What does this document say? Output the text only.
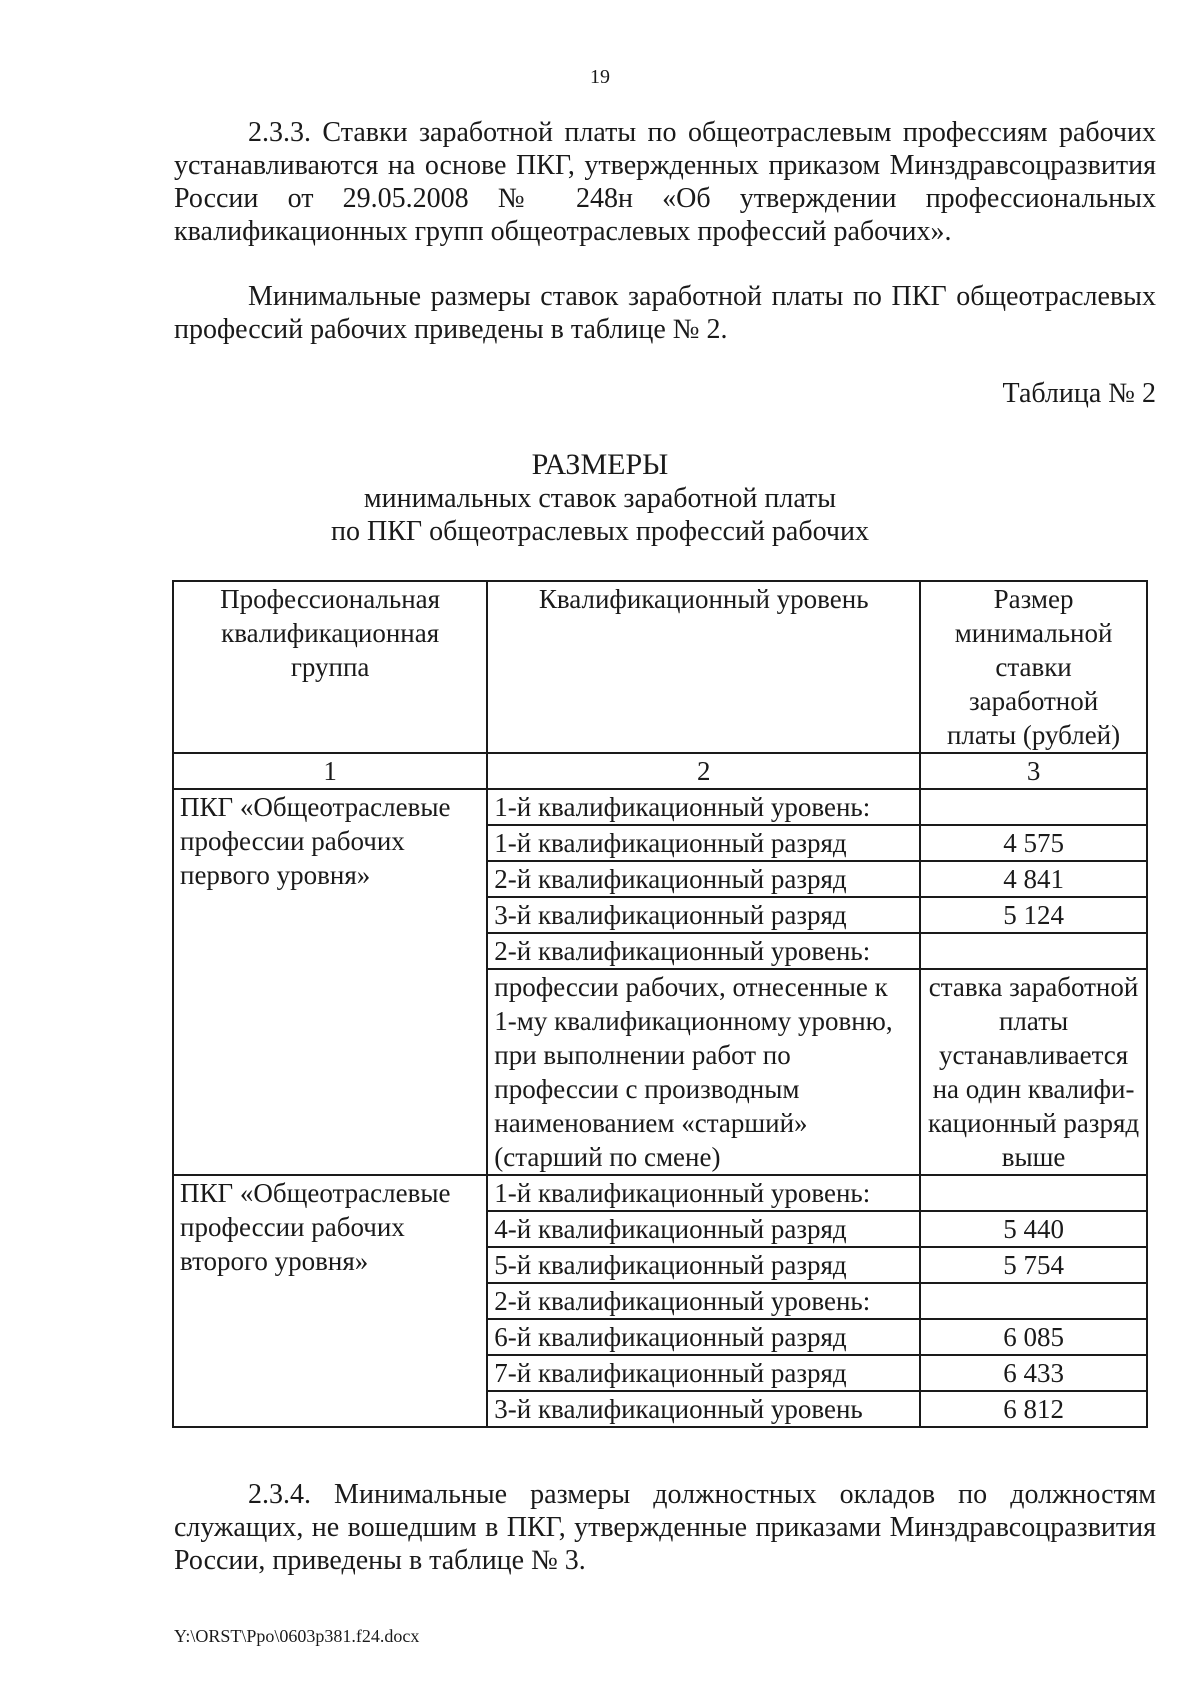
19

2.3.3. Ставки заработной платы по общеотраслевым профессиям рабочих устанавливаются на основе ПКГ, утвержденных приказом Минздравсоцразвития России от 29.05.2008 № 248н «Об утверждении профессиональных квалификационных групп общеотраслевых профессий рабочих».

Минимальные размеры ставок заработной платы по ПКГ общеотраслевых профессий рабочих приведены в таблице № 2.

Таблица № 2
РАЗМЕРЫ
минимальных ставок заработной платы
по ПКГ общеотраслевых профессий рабочих
Профессиональная квалификационная группа	Квалификационный уровень	Размер минимальной ставки заработной платы (рублей)
1	2	3
ПКГ «Общеотраслевые профессии рабочих первого уровня»	1-й квалификационный уровень:	
	1-й квалификационный разряд	4 575
	2-й квалификационный разряд	4 841
	3-й квалификационный разряд	5 124
	2-й квалификационный уровень:	
	профессии рабочих, отнесенные к 1-му квалификационному уровню, при выполнении работ по профессии с производным наименованием «старший» (старший по смене)	ставка заработной платы устанавливается на один квалифи-кационный разряд выше
ПКГ «Общеотраслевые профессии рабочих второго уровня»	1-й квалификационный уровень:	
	4-й квалификационный разряд	5 440
	5-й квалификационный разряд	5 754
	2-й квалификационный уровень:	
	6-й квалификационный разряд	6 085
	7-й квалификационный разряд	6 433
	3-й квалификационный уровень	6 812

2.3.4. Минимальные размеры должностных окладов по должностям служащих, не вошедшим в ПКГ, утвержденные приказами Минздравсоцразвития России, приведены в таблице № 3.

Y:\ORST\Ppo\0603p381.f24.docx
